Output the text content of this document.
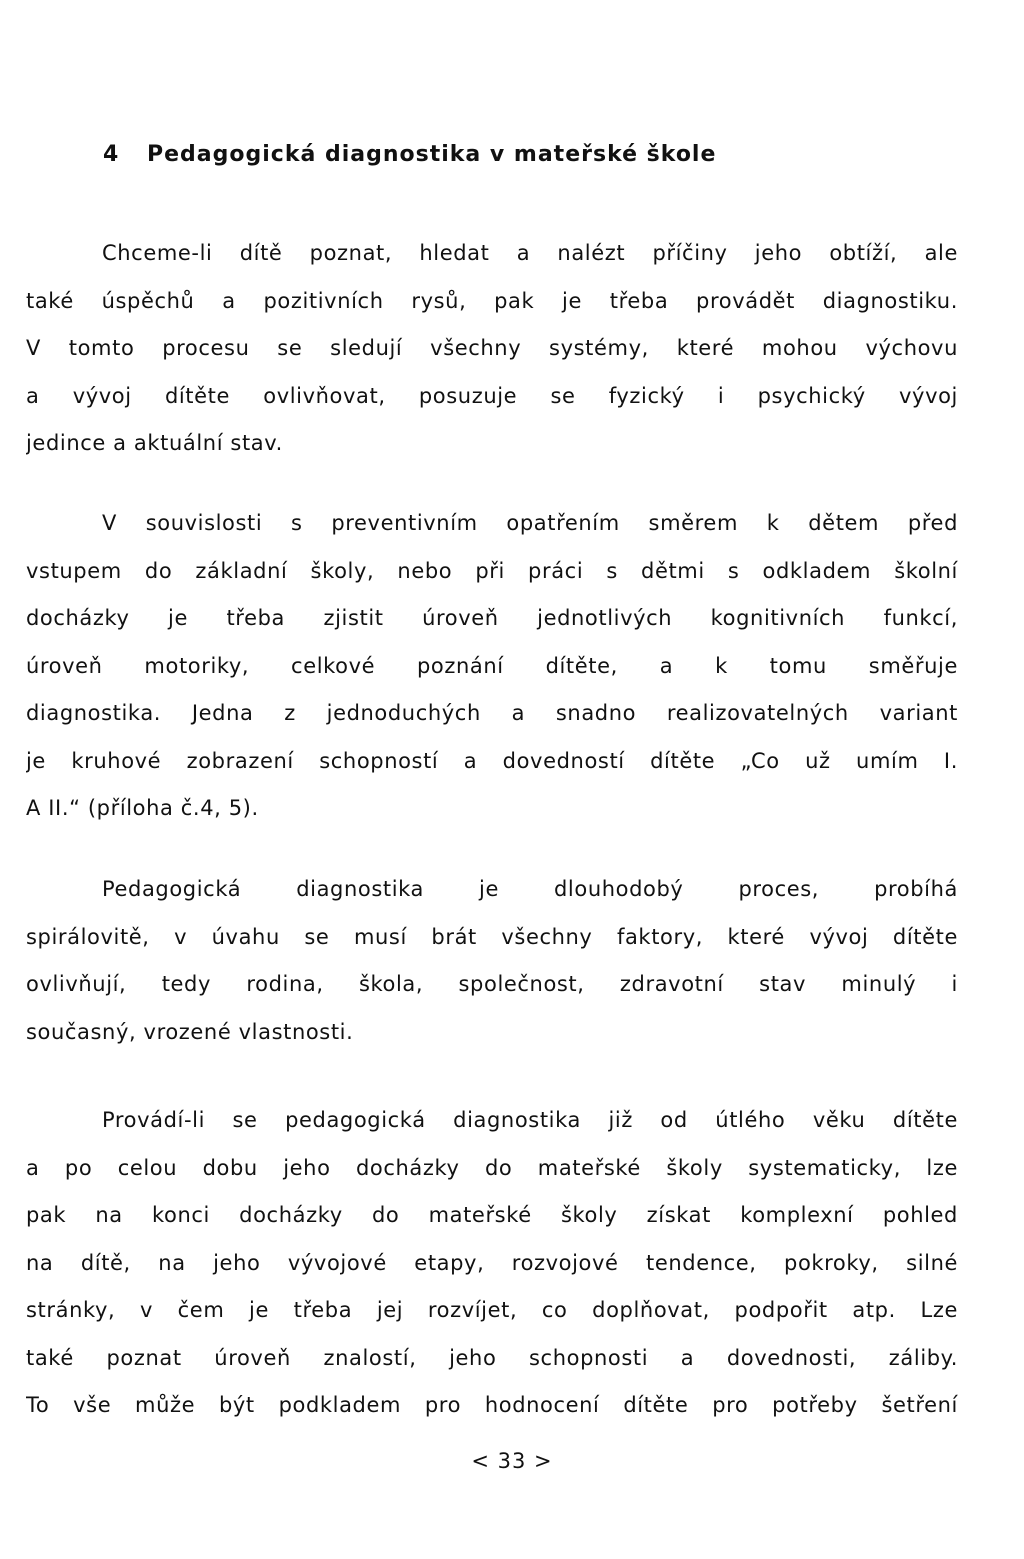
4 Pedagogická diagnostika v mateřské škole
Chceme-li dítě poznat, hledat a nalézt příčiny jeho obtíží, ale
také úspěchů a pozitivních rysů, pak je třeba provádět diagnostiku.
V tomto procesu se sledují všechny systémy, které mohou výchovu
a vývoj dítěte ovlivňovat, posuzuje se fyzický i psychický vývoj
jedince a aktuální stav.
V souvislosti s preventivním opatřením směrem k dětem před
vstupem do základní školy, nebo při práci s dětmi s odkladem školní
docházky je třeba zjistit úroveň jednotlivých kognitivních funkcí,
úroveň motoriky, celkové poznání dítěte, a k tomu směřuje
diagnostika. Jedna z jednoduchých a snadno realizovatelných variant
je kruhové zobrazení schopností a dovedností dítěte „Co už umím I.
A II.“ (příloha č.4, 5).
Pedagogická diagnostika je dlouhodobý proces, probíhá
spirálovitě, v úvahu se musí brát všechny faktory, které vývoj dítěte
ovlivňují, tedy rodina, škola, společnost, zdravotní stav minulý i
současný, vrozené vlastnosti.
Provádí-li se pedagogická diagnostika již od útlého věku dítěte
a po celou dobu jeho docházky do mateřské školy systematicky, lze
pak na konci docházky do mateřské školy získat komplexní pohled
na dítě, na jeho vývojové etapy, rozvojové tendence, pokroky, silné
stránky, v čem je třeba jej rozvíjet, co doplňovat, podpořit atp. Lze
také poznat úroveň znalostí, jeho schopnosti a dovednosti, záliby.
To vše může být podkladem pro hodnocení dítěte pro potřeby šetření
< 33 >
